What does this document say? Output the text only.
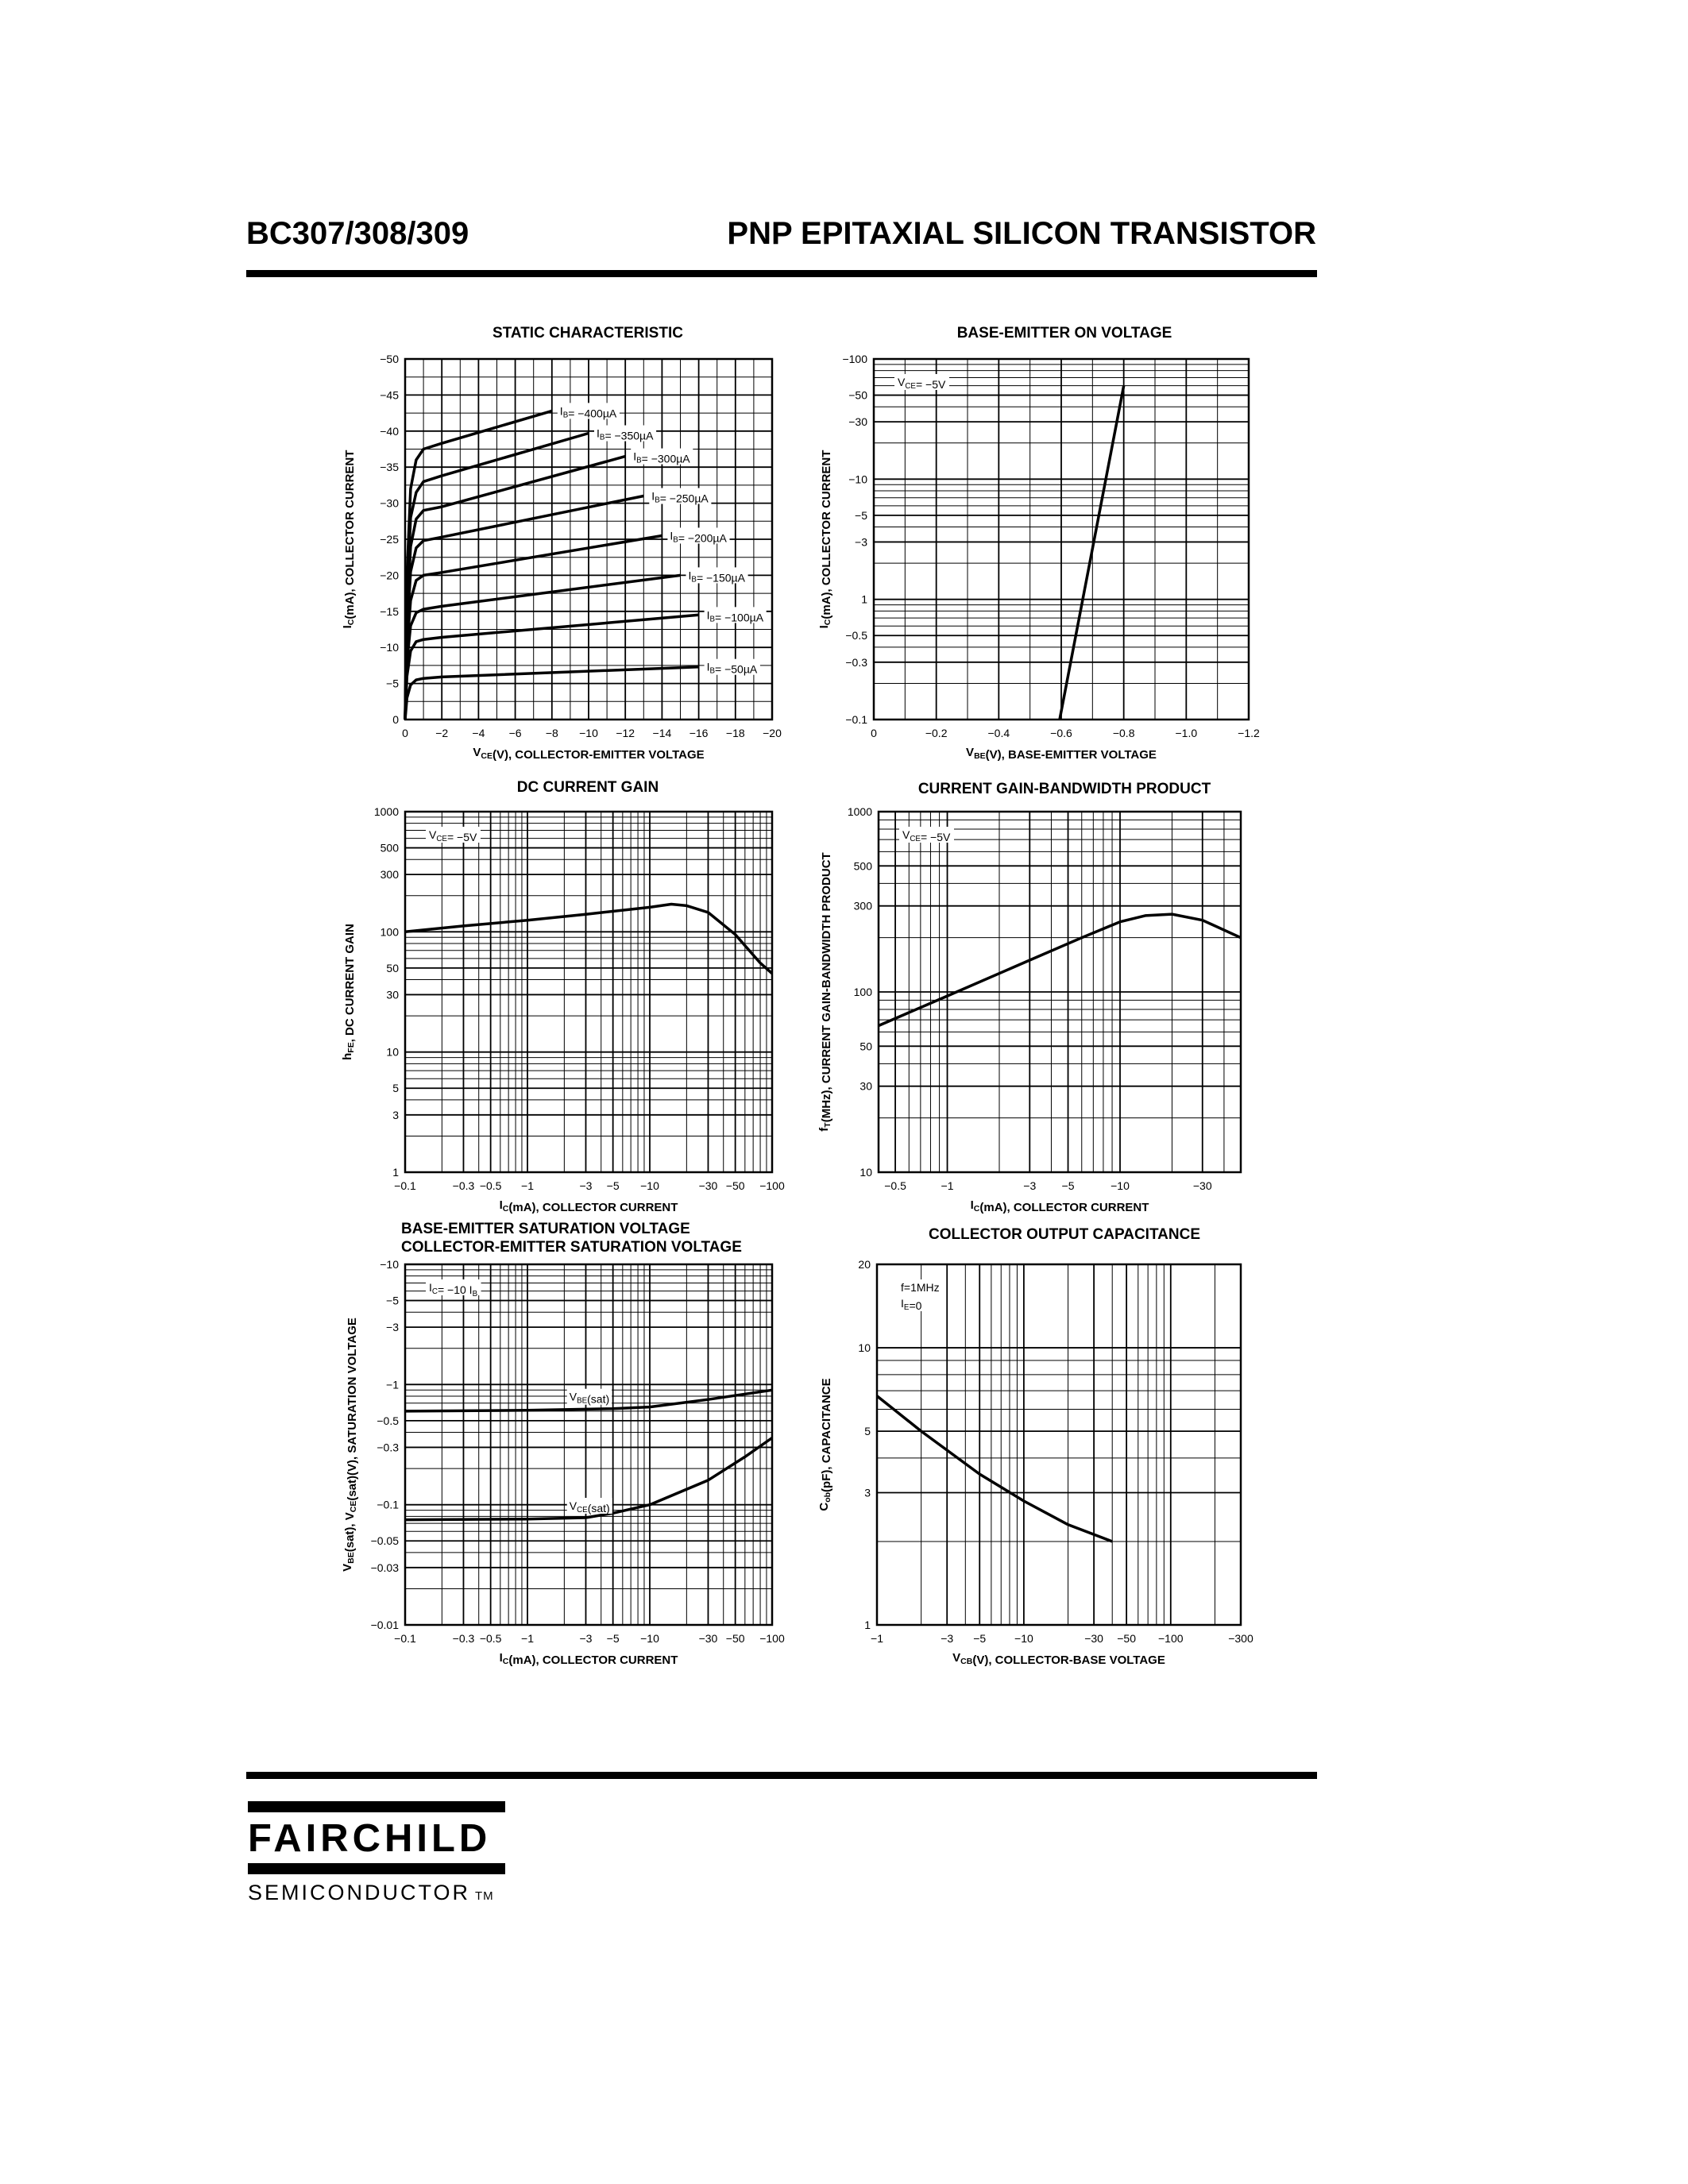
BC307/308/309	PNP EPITAXIAL SILICON TRANSISTOR
STATIC CHARACTERISTIC	BASE-EMITTER ON VOLTAGE
DC CURRENT GAIN	CURRENT GAIN-BANDWIDTH PRODUCT
BASE-EMITTER SATURATION VOLTAGE
COLLECTOR-EMITTER SATURATION VOLTAGE
COLLECTOR OUTPUT CAPACITANCE
0 −2 −4 −6 −8 −10 −12 −14 −16 −18 −20
0
−5
−10
−15
−20
−25
−30
−35
−40
−45
−50
$V_{CE}(V)$, COLLECTOR-EMITTER VOLTAGE
$I_C(mA)$, COLLECTOR CURRENT
$I_B= -400\mu A$
$I_B= -350\mu A$
$I_B= -300\mu A$
$I_B= -250\mu A$
$I_B= -200\mu A$
$I_B= -150\mu A$
$I_B= -100\mu A$
$I_B= -50\mu A$
0	−0.2	−0.4	−0.6	−0.8	−1.0	−1.2
−0.1
−0.3
−0.5
1
−3
−5
−10
−30
−50
−100
$V_{BE}(V)$, BASE-EMITTER VOLTAGE
$I_C(mA)$, COLLECTOR CURRENT
$V_{CE}= -5V$
−0.1	−0.3 −0.5 −1	−3 −5 −10	−30 −50 −100
1
3
5
10
30
50
100
300
500
1000
$I_C(mA)$, COLLECTOR CURRENT
$h_{FE}$, DC CURRENT GAIN
$V_{CE}= -5V$
−0.5	−1	−3 −5	−10	−30
10
30
50
100
300
500
1000
$I_C(mA)$, COLLECTOR CURRENT
$f_T(MHz)$, CURRENT GAIN-BANDWIDTH PRODUCT
$V_{CE}= -5V$
−0.1	−0.3 −0.5 −1	−3 −5 −10	−30 −50 −100
−0.01
−0.03
−0.05
−0.1
−0.3
−0.5
−1
−3
−5
−10
$I_C(mA)$, COLLECTOR CURRENT
$V_{BE}(sat)$, $V_{CE}(sat)(V)$, SATURATION VOLTAGE	$V_{BE}(sat)$
$V_{CE}(sat)$
$I_C= -10$ $I_B$
−1	−3 −5	−10	−30 −50 −100	−300
1
3
5
10
20
$V_{CB}(V)$, COLLECTOR-BASE VOLTAGE
$C_{ob}(pF)$, CAPACITANCE
f=1MHz
$I_E=0$
FAIRCHILD
SEMICONDUCTOR TM
